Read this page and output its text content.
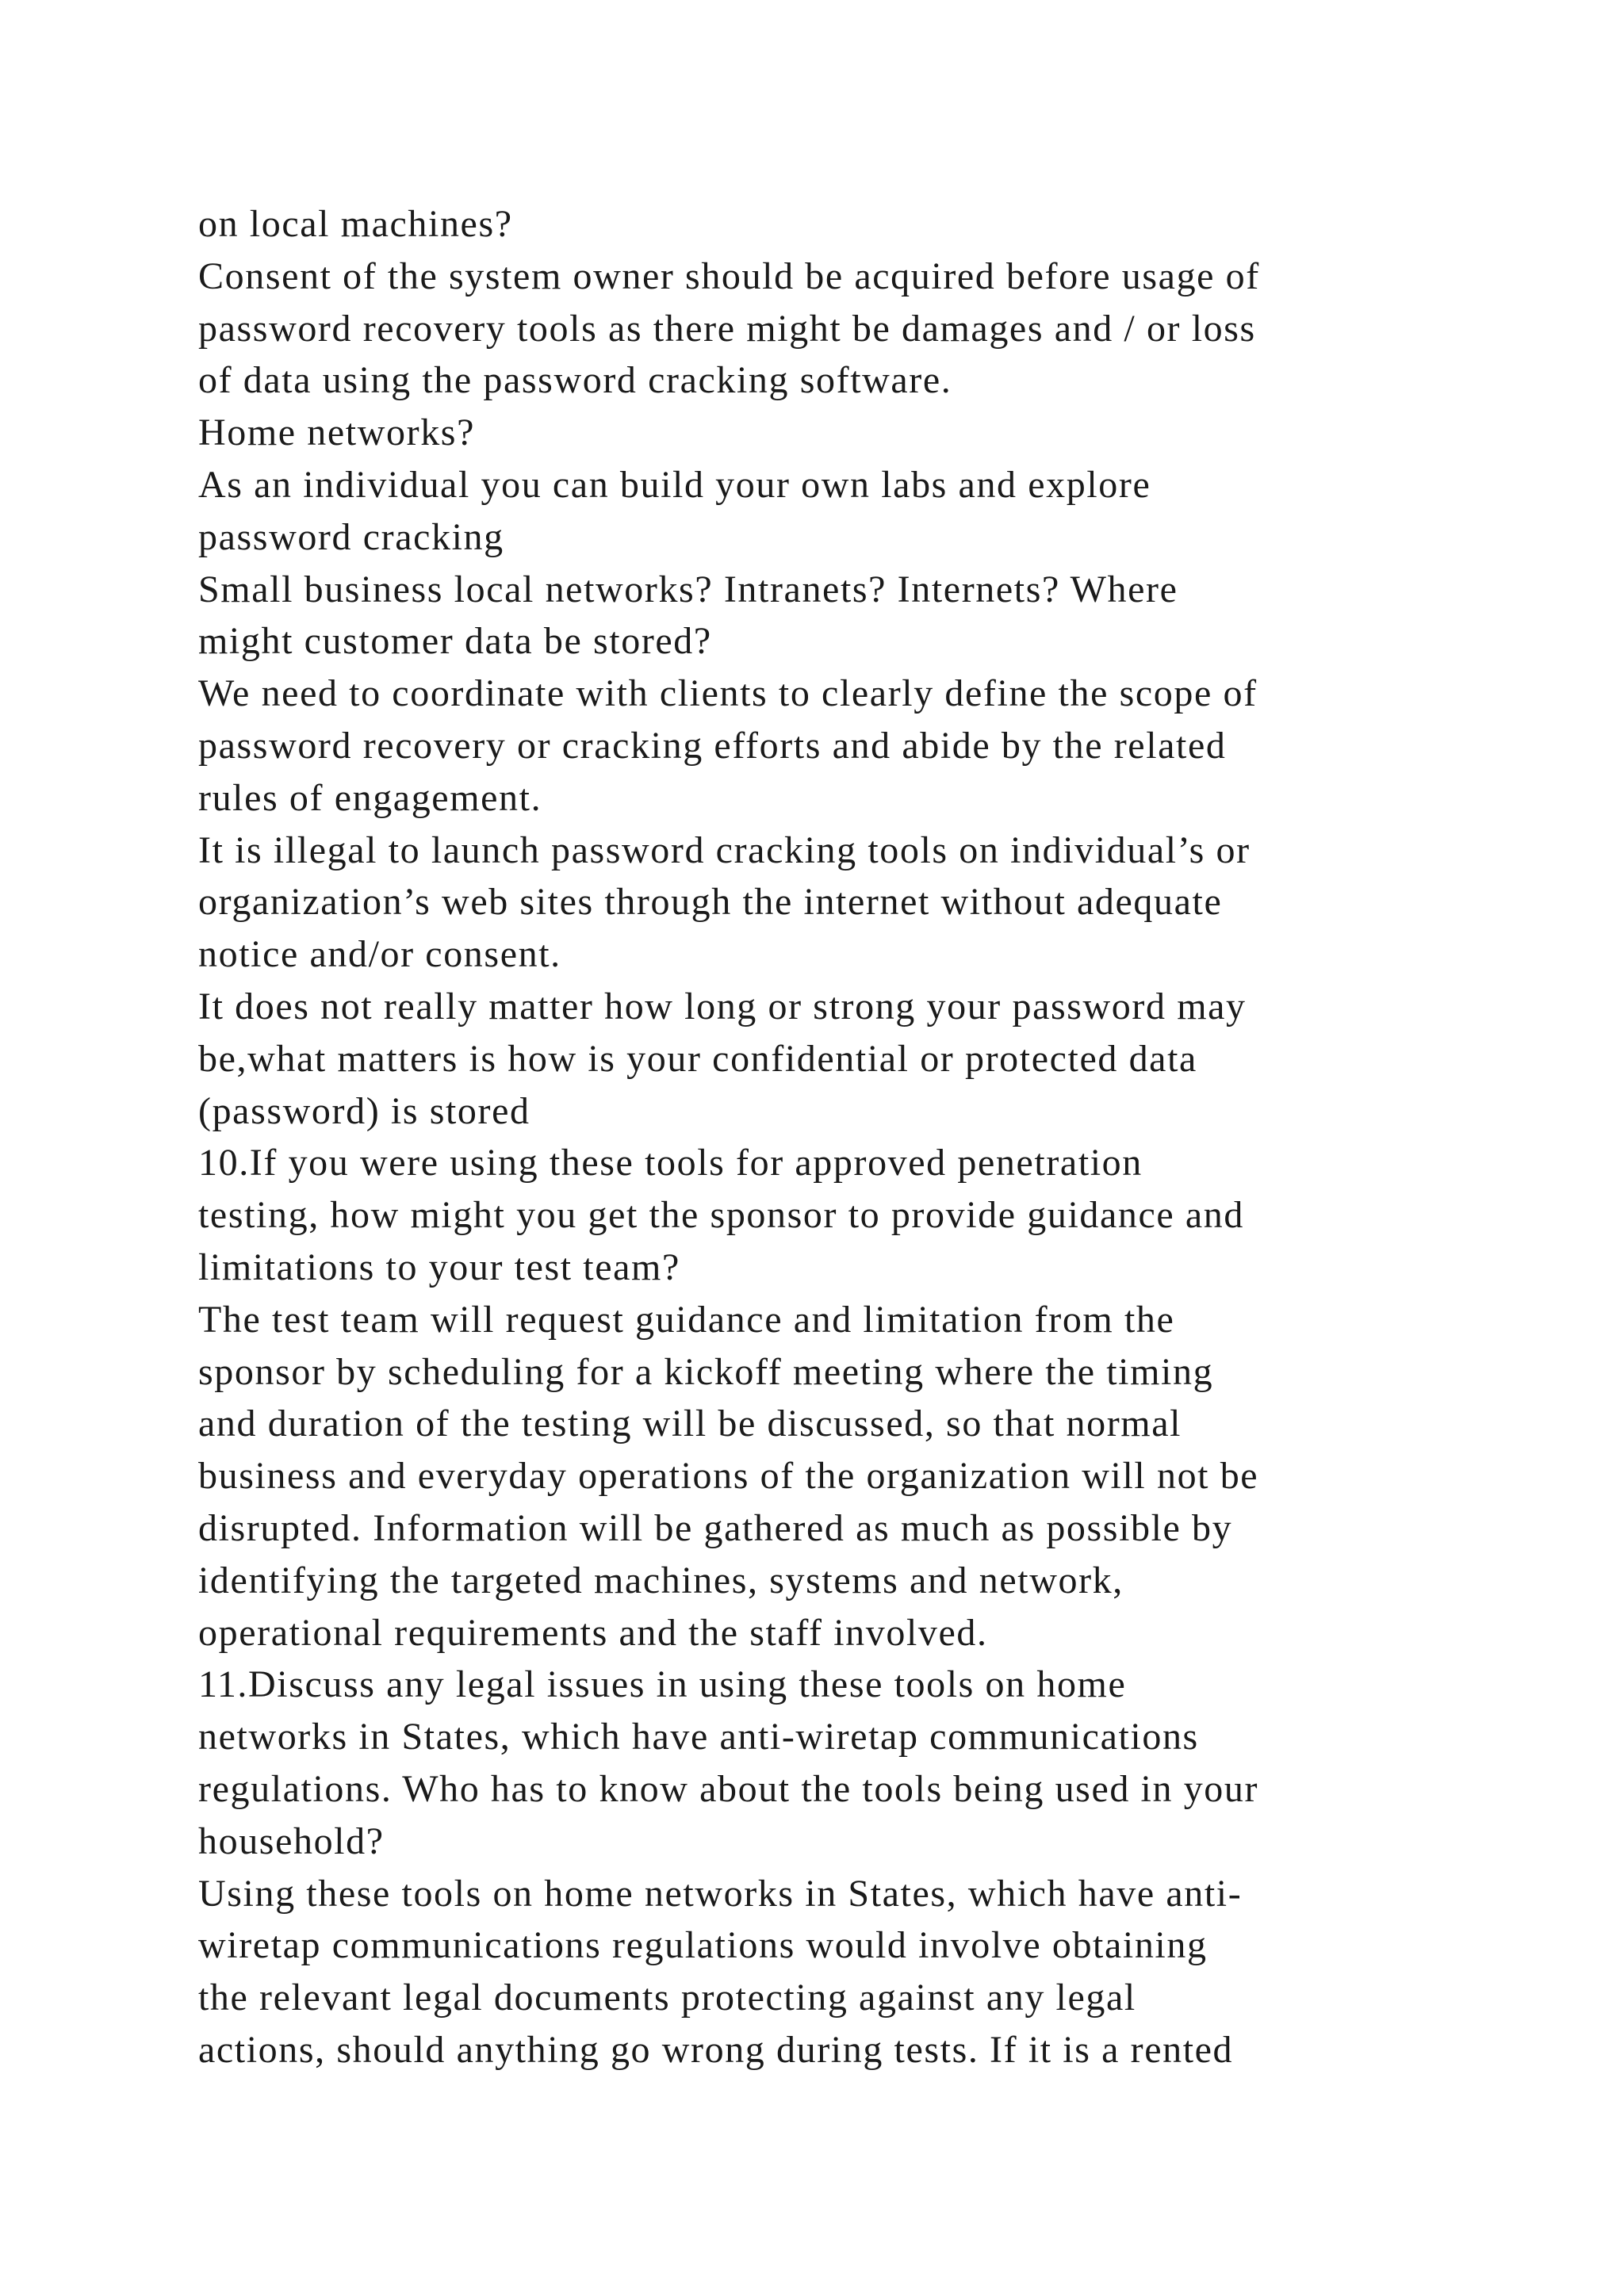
on local machines?

Consent of the system owner should be acquired before usage of

password recovery tools as there might be damages and / or loss

of data using the password cracking software.

Home networks?

As an individual you can build your own labs and explore

password cracking

Small business local networks? Intranets? Internets? Where

might customer data be stored?

We need to coordinate with clients to clearly define the scope of

password recovery or cracking efforts and abide by the related

rules of engagement.

It is illegal to launch password cracking tools on individual’s or

organization’s web sites through the internet without adequate

notice and/or consent.

It does not really matter how long or strong your password may

be,what matters is how is your confidential or protected data

(password) is stored

10.If you were using these tools for approved penetration

testing, how might you get the sponsor to provide guidance and

limitations to your test team?

The test team will request guidance and limitation from the

sponsor by scheduling for a kickoff meeting where the timing

and duration of the testing will be discussed, so that normal

business and everyday operations of the organization will not be

disrupted. Information will be gathered as much as possible by

identifying the targeted machines, systems and network,

operational requirements and the staff involved.

11.Discuss any legal issues in using these tools on home

networks in States, which have anti-wiretap communications

regulations. Who has to know about the tools being used in your

household?

Using these tools on home networks in States, which have anti-

wiretap communications regulations would involve obtaining

the relevant legal documents protecting against any legal

actions, should anything go wrong during tests. If it is a rented
